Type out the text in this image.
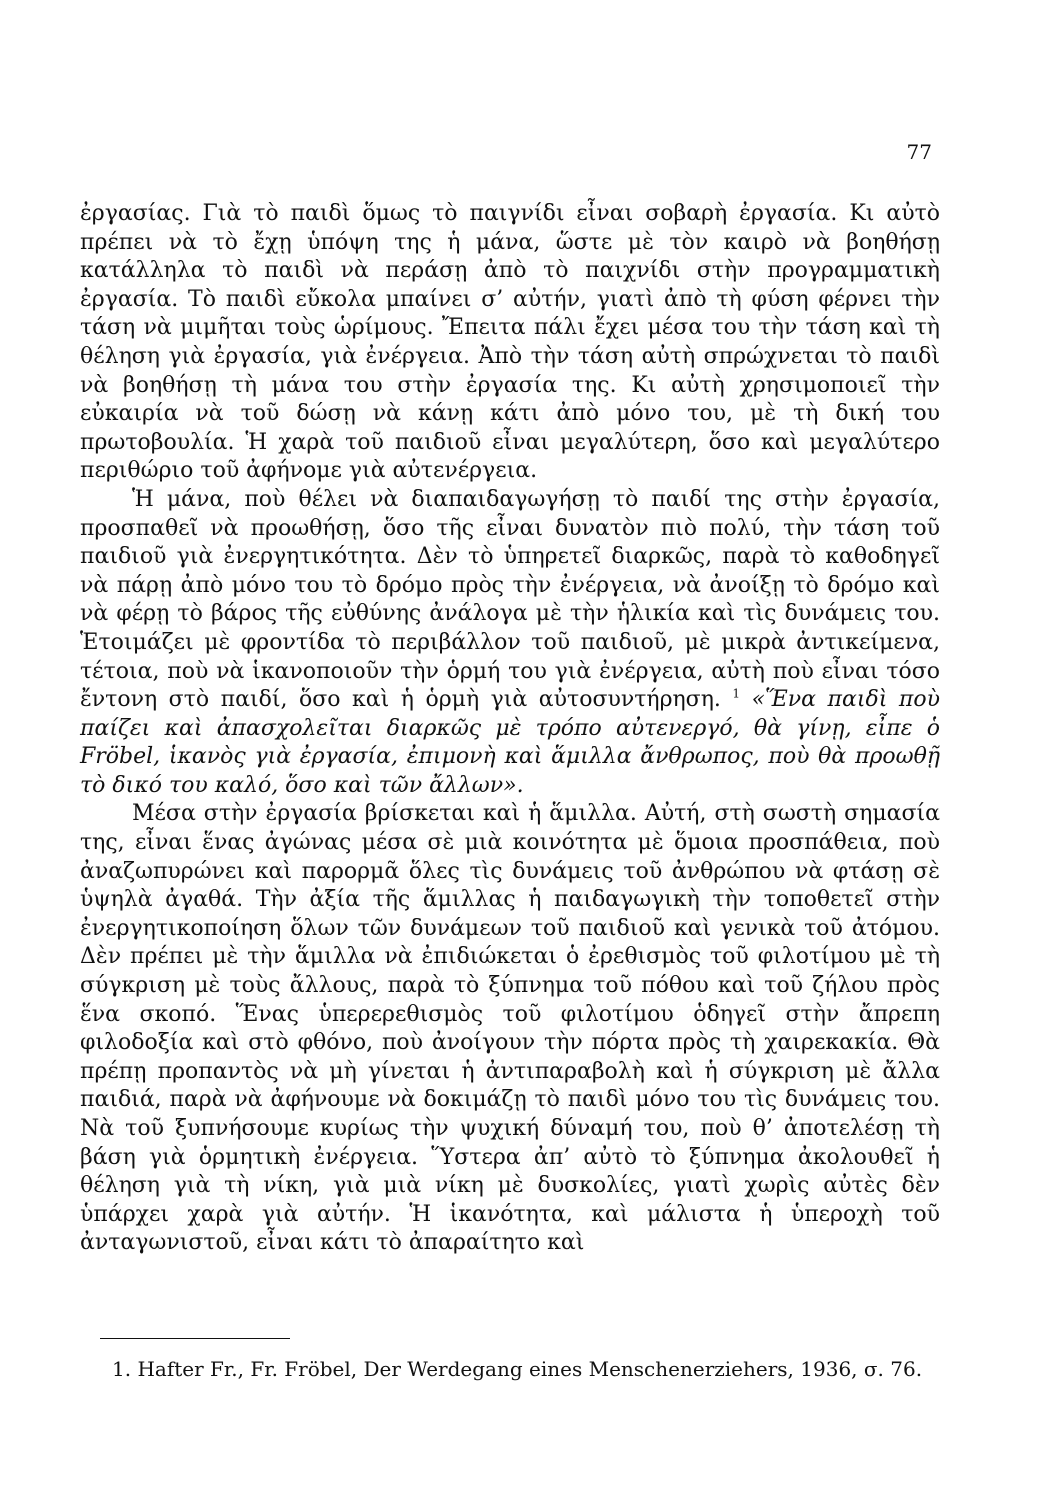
77

ἐργασίας. Γιὰ τὸ παιδὶ ὅμως τὸ παιγνίδι εἶναι σοβαρὴ ἐργασία. Κι αὐτὸ πρέπει νὰ τὸ ἔχῃ ὑπόψη της ἡ μάνα, ὥστε μὲ τὸν καιρὸ νὰ βοηθήσῃ κατάλληλα τὸ παιδὶ νὰ περάσῃ ἀπὸ τὸ παιχνίδι στὴν προγραμματικὴ ἐργασία. Τὸ παιδὶ εὔκολα μπαίνει σ’ αὐτήν, γιατὶ ἀπὸ τὴ φύση φέρνει τὴν τάση νὰ μιμῆται τοὺς ὡρίμους. Ἔπειτα πάλι ἔχει μέσα του τὴν τάση καὶ τὴ θέληση γιὰ ἐργασία, γιὰ ἐνέργεια. Ἀπὸ τὴν τάση αὐτὴ σπρώχνεται τὸ παιδὶ νὰ βοηθήσῃ τὴ μάνα του στὴν ἐργασία της. Κι αὐτὴ χρησιμοποιεῖ τὴν εὐκαιρία νὰ τοῦ δώσῃ νὰ κάνῃ κάτι ἀπὸ μόνο του, μὲ τὴ δική του πρωτοβουλία. Ἡ χαρὰ τοῦ παιδιοῦ εἶναι μεγαλύτερη, ὅσο καὶ μεγαλύτερο περιθώριο τοῦ ἀφήνομε γιὰ αὐτενέργεια.

Ἡ μάνα, ποὺ θέλει νὰ διαπαιδαγωγήσῃ τὸ παιδί της στὴν ἐργασία, προσπαθεῖ νὰ προωθήσῃ, ὅσο τῆς εἶναι δυνατὸν πιὸ πολύ, τὴν τάση τοῦ παιδιοῦ γιὰ ἐνεργητικότητα. Δὲν τὸ ὑπηρετεῖ διαρκῶς, παρὰ τὸ καθοδηγεῖ νὰ πάρῃ ἀπὸ μόνο του τὸ δρόμο πρὸς τὴν ἐνέργεια, νὰ ἀνοίξῃ τὸ δρόμο καὶ νὰ φέρῃ τὸ βάρος τῆς εὐθύνης ἀνάλογα μὲ τὴν ἡλικία καὶ τὶς δυνάμεις του. Ἑτοιμάζει μὲ φροντίδα τὸ περιβάλλον τοῦ παιδιοῦ, μὲ μικρὰ ἀντικείμενα, τέτοια, ποὺ νὰ ἱκανοποιοῦν τὴν ὁρμή του γιὰ ἐνέργεια, αὐτὴ ποὺ εἶναι τόσο ἔντονη στὸ παιδί, ὅσο καὶ ἡ ὁρμὴ γιὰ αὐτοσυντήρηση. $^1$ «Ἕνα παιδὶ ποὺ παίζει καὶ ἀπασχολεῖται διαρκῶς μὲ τρόπο αὐτενεργό, θὰ γίνῃ, εἶπε ὁ Fröbel, ἱκανὸς γιὰ ἐργασία, ἐπιμονὴ καὶ ἅμιλλα ἄνθρωπος, ποὺ θὰ προωθῇ τὸ δικό του καλό, ὅσο καὶ τῶν ἄλλων».

Μέσα στὴν ἐργασία βρίσκεται καὶ ἡ ἅμιλλα. Αὐτή, στὴ σωστὴ σημασία της, εἶναι ἕνας ἀγώνας μέσα σὲ μιὰ κοινότητα μὲ ὅμοια προσπάθεια, ποὺ ἀναζωπυρώνει καὶ παρορμᾶ ὅλες τὶς δυνάμεις τοῦ ἀνθρώπου νὰ φτάσῃ σὲ ὑψηλὰ ἀγαθά. Τὴν ἀξία τῆς ἅμιλλας ἡ παιδαγωγικὴ τὴν τοποθετεῖ στὴν ἐνεργητικοποίηση ὅλων τῶν δυνάμεων τοῦ παιδιοῦ καὶ γενικὰ τοῦ ἀτόμου. Δὲν πρέπει μὲ τὴν ἅμιλλα νὰ ἐπιδιώκεται ὁ ἐρεθισμὸς τοῦ φιλοτίμου μὲ τὴ σύγκριση μὲ τοὺς ἄλλους, παρὰ τὸ ξύπνημα τοῦ πόθου καὶ τοῦ ζήλου πρὸς ἕνα σκοπό. Ἕνας ὑπερερεθισμὸς τοῦ φιλοτίμου ὁδηγεῖ στὴν ἄπρεπη φιλοδοξία καὶ στὸ φθόνο, ποὺ ἀνοίγουν τὴν πόρτα πρὸς τὴ χαιρεκακία. Θὰ πρέπῃ προπαντὸς νὰ μὴ γίνεται ἡ ἀντιπαραβολὴ καὶ ἡ σύγκριση μὲ ἄλλα παιδιά, παρὰ νὰ ἀφήνουμε νὰ δοκιμάζῃ τὸ παιδὶ μόνο του τὶς δυνάμεις του. Νὰ τοῦ ξυπνήσουμε κυρίως τὴν ψυχική δύναμή του, ποὺ θ’ ἀποτελέσῃ τὴ βάση γιὰ ὁρμητικὴ ἐνέργεια. Ὕστερα ἀπ’ αὐτὸ τὸ ξύπνημα ἀκολουθεῖ ἡ θέληση γιὰ τὴ νίκη, γιὰ μιὰ νίκη μὲ δυσκολίες, γιατὶ χωρὶς αὐτὲς δὲν ὑπάρχει χαρὰ γιὰ αὐτήν. Ἡ ἱκανότητα, καὶ μάλιστα ἡ ὑπεροχὴ τοῦ ἀνταγωνιστοῦ, εἶναι κάτι τὸ ἀπαραίτητο καὶ

1. Hafter Fr., Fr. Fröbel, Der Werdegang eines Menschenerziehers, 1936, σ. 76.
